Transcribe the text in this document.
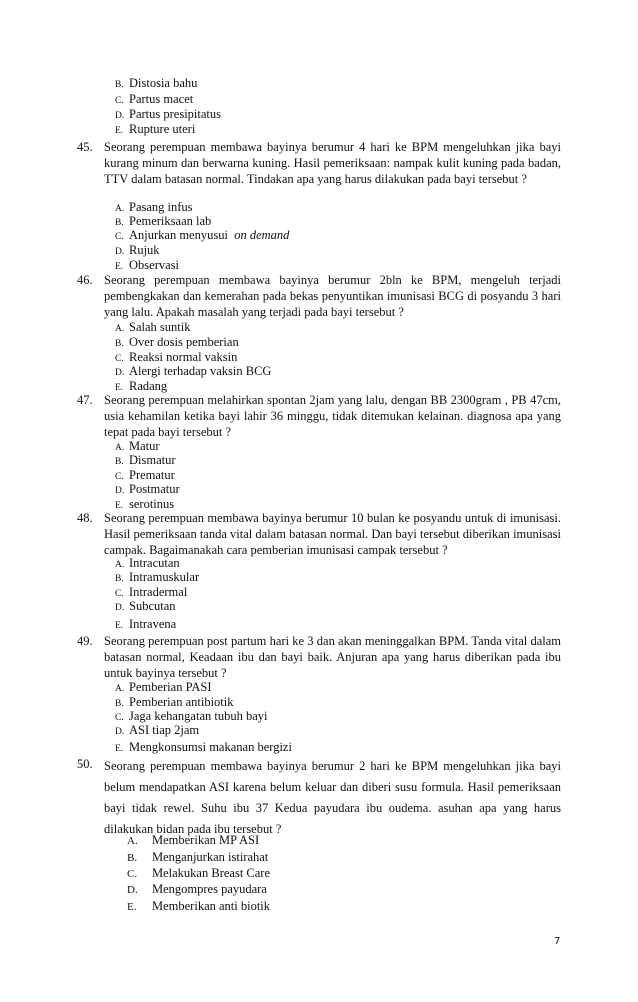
B. Distosia bahu
C. Partus macet
D. Partus presipitatus
E. Rupture uteri
45. Seorang perempuan membawa bayinya berumur 4 hari ke BPM mengeluhkan jika bayi kurang minum dan berwarna kuning. Hasil pemeriksaan: nampak kulit kuning pada badan, TTV dalam batasan normal. Tindakan apa yang harus dilakukan pada bayi tersebut ?
A. Pasang infus
B. Pemeriksaan lab
C. Anjurkan menyusui on demand
D. Rujuk
E. Observasi
46. Seorang perempuan membawa bayinya berumur 2bln ke BPM, mengeluh terjadi pembengkakan dan kemerahan pada bekas penyuntikan imunisasi BCG di posyandu 3 hari yang lalu. Apakah masalah yang terjadi pada bayi tersebut ?
A. Salah suntik
B. Over dosis pemberian
C. Reaksi normal vaksin
D. Alergi terhadap vaksin BCG
E. Radang
47. Seorang perempuan melahirkan spontan 2jam yang lalu, dengan BB 2300gram , PB 47cm, usia kehamilan ketika bayi lahir 36 minggu, tidak ditemukan kelainan. diagnosa apa yang tepat pada bayi tersebut ?
A. Matur
B. Dismatur
C. Prematur
D. Postmatur
E. serotinus
48. Seorang perempuan membawa bayinya berumur 10 bulan ke posyandu untuk di imunisasi. Hasil pemeriksaan tanda vital dalam batasan normal. Dan bayi tersebut diberikan imunisasi campak. Bagaimanakah cara pemberian imunisasi campak tersebut ?
A. Intracutan
B. Intramuskular
C. Intradermal
D. Subcutan
E. Intravena
49. Seorang perempuan post partum hari ke 3 dan akan meninggalkan BPM. Tanda vital dalam batasan normal, Keadaan ibu dan bayi baik. Anjuran apa yang harus diberikan pada ibu untuk bayinya tersebut ?
A. Pemberian PASI
B. Pemberian antibiotik
C. Jaga kehangatan tubuh bayi
D. ASI tiap 2jam
E. Mengkonsumsi makanan bergizi
50. Seorang perempuan membawa bayinya berumur 2 hari ke BPM mengeluhkan jika bayi belum mendapatkan ASI karena belum keluar dan diberi susu formula. Hasil pemeriksaan bayi tidak rewel. Suhu ibu 37 Kedua payudara ibu oudema. asuhan apa yang harus dilakukan bidan pada ibu tersebut ?
A. Memberikan MP ASI
B. Menganjurkan istirahat
C. Melakukan Breast Care
D. Mengompres payudara
E. Memberikan anti biotik
7
